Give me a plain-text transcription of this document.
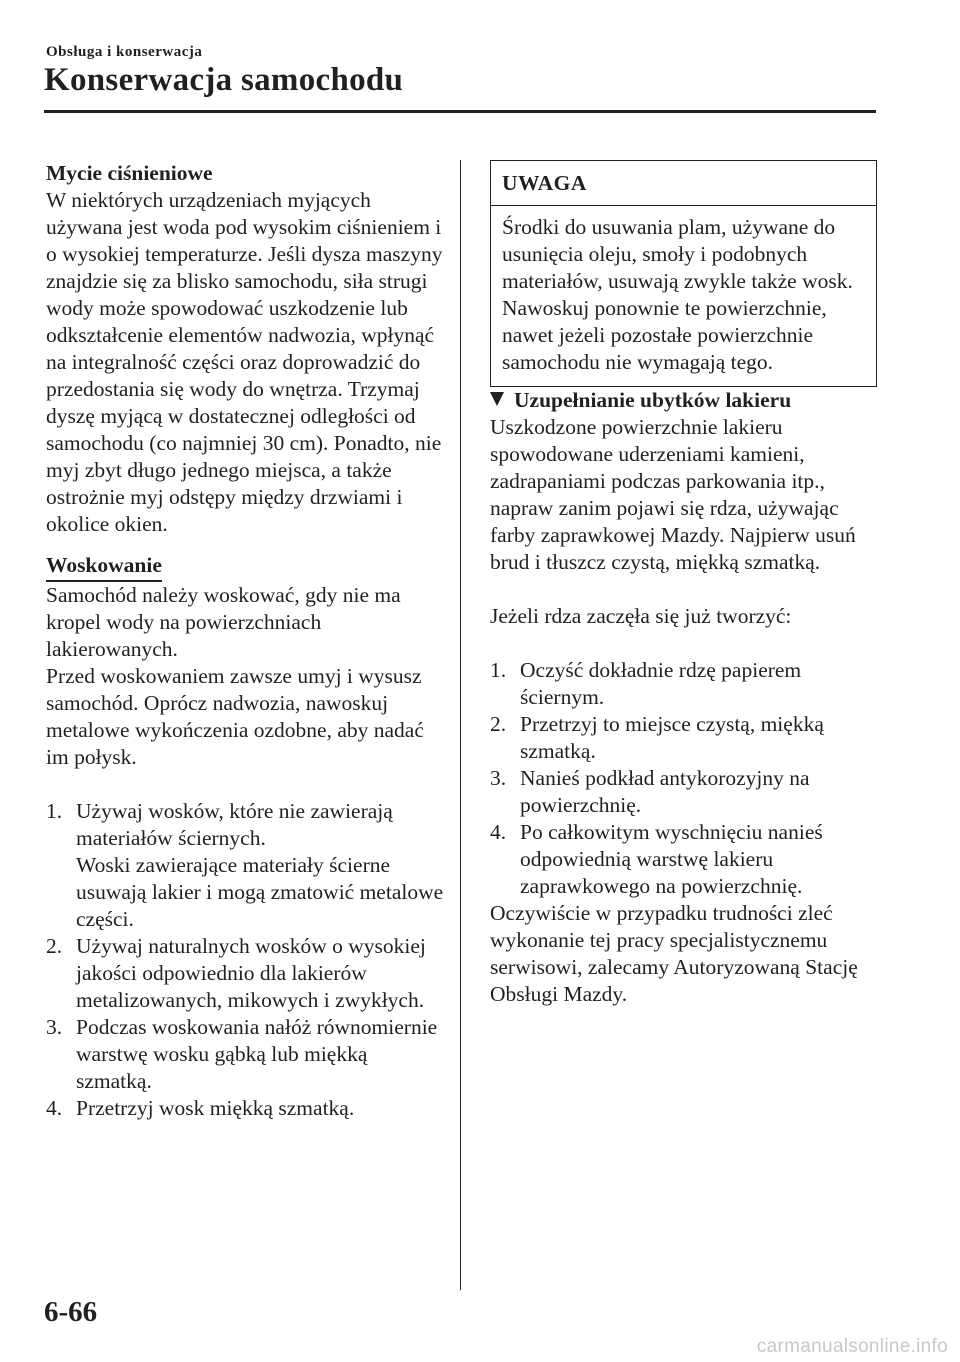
Obsługa i konserwacja
Konserwacja samochodu

Mycie ciśnieniowe

W niektórych urządzeniach myjących używana jest woda pod wysokim ciśnieniem i o wysokiej temperaturze. Jeśli dysza maszyny znajdzie się za blisko samochodu, siła strugi wody może spowodować uszkodzenie lub odkształcenie elementów nadwozia, wpłynąć na integralność części oraz doprowadzić do przedostania się wody do wnętrza. Trzymaj dyszę myjącą w dostatecznej odległości od samochodu (co najmniej 30 cm). Ponadto, nie myj zbyt długo jednego miejsca, a także ostrożnie myj odstępy między drzwiami i okolice okien.

Woskowanie

Samochód należy woskować, gdy nie ma kropel wody na powierzchniach lakierowanych.

Przed woskowaniem zawsze umyj i wysusz samochód. Oprócz nadwozia, nawoskuj metalowe wykończenia ozdobne, aby nadać im połysk.

1. Używaj wosków, które nie zawierają materiałów ściernych.
Woski zawierające materiały ścierne usuwają lakier i mogą zmatowić metalowe części.
2. Używaj naturalnych wosków o wysokiej jakości odpowiednio dla lakierów metalizowanych, mikowych i zwykłych.
3. Podczas woskowania nałóż równomiernie warstwę wosku gąbką lub miękką szmatką.
4. Przetrzyj wosk miękką szmatką.
UWAGA
Środki do usuwania plam, używane do usunięcia oleju, smoły i podobnych materiałów, usuwają zwykle także wosk. Nawoskuj ponownie te powierzchnie, nawet jeżeli pozostałe powierzchnie samochodu nie wymagają tego.

Uzupełnianie ubytków lakieru

Uszkodzone powierzchnie lakieru spowodowane uderzeniami kamieni, zadrapaniami podczas parkowania itp., napraw zanim pojawi się rdza, używając farby zaprawkowej Mazdy. Najpierw usuń brud i tłuszcz czystą, miękką szmatką.

Jeżeli rdza zaczęła się już tworzyć:

1. Oczyść dokładnie rdzę papierem ściernym.
2. Przetrzyj to miejsce czystą, miękką szmatką.
3. Nanieś podkład antykorozyjny na powierzchnię.
4. Po całkowitym wyschnięciu nanieś odpowiednią warstwę lakieru zaprawkowego na powierzchnię.

Oczywiście w przypadku trudności zleć wykonanie tej pracy specjalistycznemu serwisowi, zalecamy Autoryzowaną Stację Obsługi Mazdy.

6-66
carmanualsonline.info
